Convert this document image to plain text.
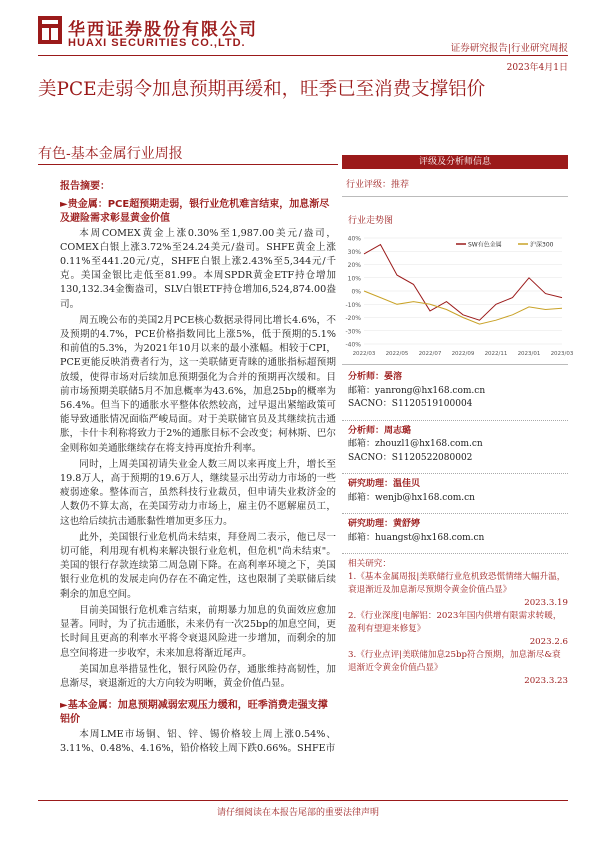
华西证券股份有限公司
HUAXI SECURITIES CO.,LTD.	证券研究报告|行业研究周报
2023年4月1日
美PCE走弱令加息预期再缓和，旺季已至消费支撑铝价
有色-基本金属行业周报
报告摘要：
►贵金属：PCE超预期走弱，银行业危机难言结束，加息渐尽及避险需求彰显黄金价值

本周COMEX黄金上涨0.30%至1,987.00美元/盎司，COMEX白银上涨3.72%至24.24美元/盎司。SHFE黄金上涨0.11%至441.20元/克，SHFE白银上涨2.43%至5,344元/千克。美国金银比走低至81.99。本周SPDR黄金ETF持仓增加130,132.34金衡盎司，SLV白银ETF持仓增加6,524,874.00盎司。

周五晚公布的美国2月PCE核心数据录得同比增长4.6%，不及预期的4.7%，PCE价格指数同比上涨5%，低于预期的5.1%和前值的5.3%，为2021年10月以来的最小涨幅。相较于CPI，PCE更能反映消费者行为，这一美联储更青睐的通胀指标超预期放缓，使得市场对后续加息预期强化为合并的预期再次缓和。目前市场预期美联储5月不加息概率为43.6%，加息25bp的概率为56.4%。但当下的通胀水平整体依然较高，过早退出紧缩政策可能导致通胀情况面临严峻局面。对于美联储官员及其继续抗击通胀，卡什卡利称将致力于2%的通胀目标不会改变；柯林斯、巴尔金则称如美通胀继续存在将支持再度抬升利率。

同时，上周美国初请失业金人数三周以来再度上升，增长至19.8万人，高于预期的19.6万人，继续显示出劳动力市场的一些疲弱迹象。整体而言，虽然科技行业裁员，但申请失业救济金的人数仍不算太高，在美国劳动力市场上，雇主仍不愿解雇员工，这也给后续抗击通胀黏性增加更多压力。

此外，美国银行业危机尚未结束，拜登周二表示，他已尽一切可能，利用现有机构来解决银行业危机，但危机"尚未结束"。美国的银行存款连续第二周急剧下降。在高利率环境之下，美国银行业危机的发展走向仍存在不确定性，这也限制了美联储后续剩余的加息空间。

目前美国银行危机难言结束，前期暴力加息的负面效应愈加显著。同时，为了抗击通胀，未来仍有一次25bp的加息空间，更长时间且更高的利率水平将令衰退风险进一步增加，而剩余的加息空间将进一步收窄，未来加息将渐近尾声。

美国加息举措显性化，银行风险仍存，通胀维持高韧性，加息渐尽，衰退渐近的大方向较为明晰，黄金价值凸显。

►基本金属：加息预期减弱宏观压力缓和，旺季消费走强支撑铝价

本周LME市场铜、铝、锌、锡价格较上周上涨0.54%、3.11%、0.48%、4.16%，铅价格较上周下跌0.66%。SHFE市

评级及分析师信息
行业评级：推荐
行业走势图
40%
30%
20%
10%
0%
-10%
-20%
-30%
-40%
2022/03 2022/05 2022/07 2022/09 2022/11 2023/01 2023/03
SW有色金属	沪深300
分析师：晏溶
邮箱：yanrong@hx168.com.cn
SACNO：S1120519100004
分析师：周志璐
邮箱：zhouzl1@hx168.com.cn
SACNO：S1120522080002
研究助理：温佳贝
邮箱：wenjb@hx168.com.cn
研究助理：黄舒婷
邮箱：huangst@hx168.com.cn
相关研究：
1.《基本金属周报|美联储行业危机致恐慌情绪大幅升温，衰退渐近及加息渐尽预期令黄金价值凸显》
2023.3.19
2.《行业深度|电解铝：2023年国内供增有限需求转暖，盈利有望迎来修复》
2023.2.6
3.《行业点评|美联储加息25bp符合预期，加息渐尽&衰退渐近令黄金价值凸显》
2023.3.23
请仔细阅读在本报告尾部的重要法律声明
